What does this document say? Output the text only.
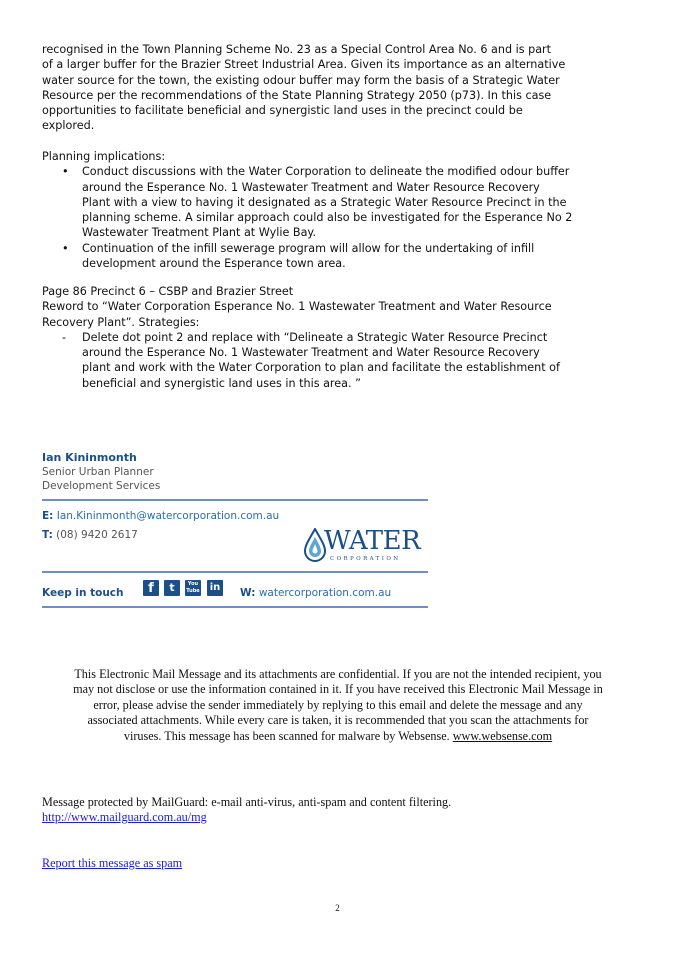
recognised in the Town Planning Scheme No. 23 as a Special Control Area No. 6 and is part

of a larger buffer for the Brazier Street Industrial Area. Given its importance as an alternative

water source for the town, the existing odour buffer may form the basis of a Strategic Water

Resource per the recommendations of the State Planning Strategy 2050 (p73). In this case

opportunities to facilitate beneficial and synergistic land uses in the precinct could be

explored.

Planning implications:

• Conduct discussions with the Water Corporation to delineate the modified odour buffer
around the Esperance No. 1 Wastewater Treatment and Water Resource Recovery
Plant with a view to having it designated as a Strategic Water Resource Precinct in the
planning scheme. A similar approach could also be investigated for the Esperance No 2
Wastewater Treatment Plant at Wylie Bay.
• Continuation of the infill sewerage program will allow for the undertaking of infill
development around the Esperance town area.

Page 86 Precinct 6 – CSBP and Brazier Street

Reword to “Water Corporation Esperance No. 1 Wastewater Treatment and Water Resource

Recovery Plant”. Strategies:

- Delete dot point 2 and replace with “Delineate a Strategic Water Resource Precinct
around the Esperance No. 1 Wastewater Treatment and Water Resource Recovery
plant and work with the Water Corporation to plan and facilitate the establishment of
beneficial and synergistic land uses in this area. ”
Ian Kininmonth
Senior Urban Planner
Development Services
E: Ian.Kininmonth@watercorporation.com.au
T: (08) 9420 2617	WATER
CORPORATION
Keep in touch	f	t	You Tube in W: watercorporation.com.au
This Electronic Mail Message and its attachments are confidential. If you are not the intended recipient, you
may not disclose or use the information contained in it. If you have received this Electronic Mail Message in
error, please advise the sender immediately by replying to this email and delete the message and any
associated attachments. While every care is taken, it is recommended that you scan the attachments for
viruses. This message has been scanned for malware by Websense. www.websense.com
Message protected by MailGuard: e-mail anti-virus, anti-spam and content filtering.
http://www.mailguard.com.au/mg
Report this message as spam
2
